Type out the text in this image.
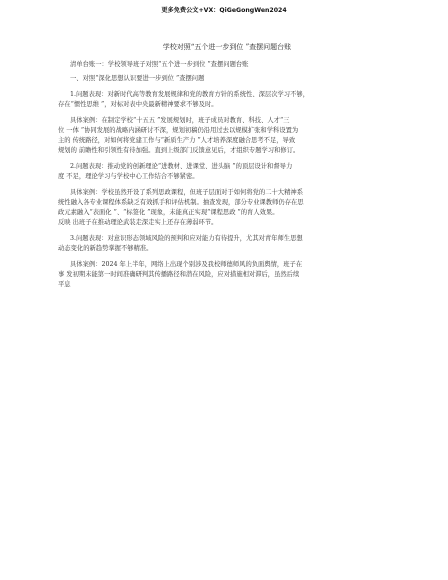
更多免费公文+VX：QiGeGongWen2024

学校对照“五个进一步到位 ”查摆问题台账

清单台账一：学校领导班子对照“五个进一步到位 ”查摆问题台账

一、对照“深化思想认识要进一步到位 ”查摆问题

1.问题表现：对新时代高等教育发展规律和党的教育方针的系统性、深层次学习不够，

存在“惯性思维 ”，对标对表中央最新精神要求不够及时。

具体案例：在制定学校“十五五 ”发展规划时，班子成员对教育、科技、人才“三

位 一体 ”协同发展的战略内涵研讨不深，规划初稿仍沿用过去以规模扩张和学科设置为

主的 传统路径，对如何将党建工作与“新质生产力 ”人才培养深度融合思考不足，导致

规划的 前瞻性和引领性有待加强。直到上级部门反馈意见后，才组织专题学习和修订。

2.问题表现：推动党的创新理论“进教材、进课堂、进头脑 ”的顶层设计和督导力

度 不足，理论学习与学校中心工作结合不够紧密。

具体案例：学校虽然开设了系列思政课程，但班子层面对于如何将党的二十大精神系

统性融入各专业课程体系缺乏有效抓手和评估机制。抽查发现，部分专业课教师仍存在思

政元素融入“表面化 ”、“标签化 ”现象，未能真正实现“课程思政 ”的育人效果。

反映 出班子在推动理论武装走深走实上还存在薄弱环节。

3.问题表现：对意识形态领域风险的预判和应对能力有待提升，尤其对青年师生思想

动态变化的新趋势掌握不够精准。

具体案例：2024 年上半年，网络上出现个别涉及我校师德师风的负面舆情，班子在

事 发初期未能第一时间准确研判其传播路径和潜在风险，应对措施相对滞后，虽然后续

平息
